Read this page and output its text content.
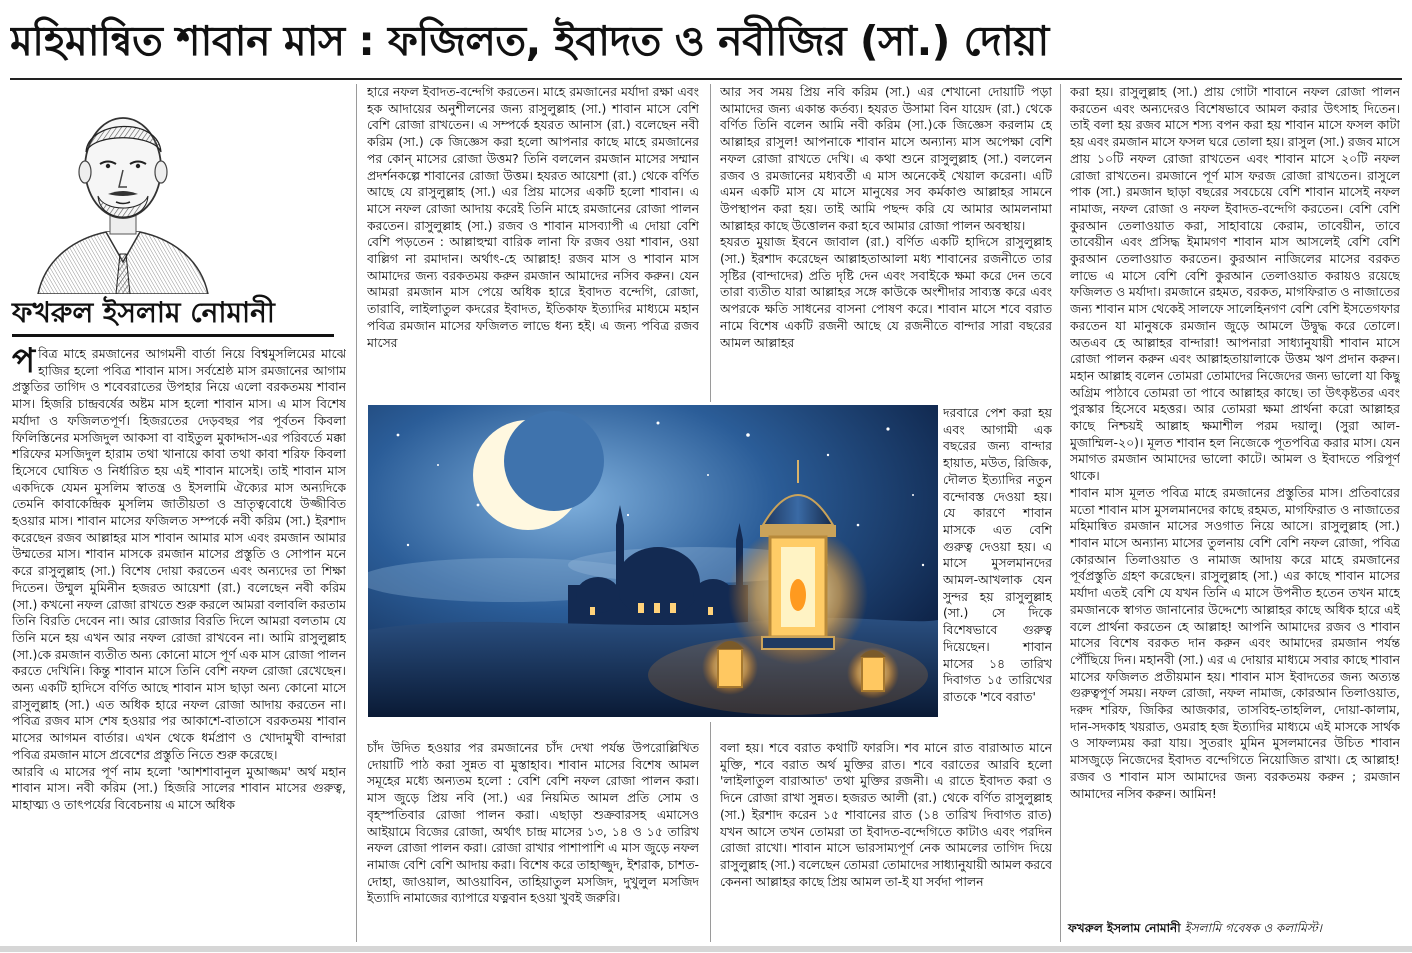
মহিমান্বিত শাবান মাস : ফজিলত, ইবাদত ও নবীজির (সা.) দোয়া
ফখরুল ইসলাম নোমানী

পবিত্র মাহে রমজানের আগমনী বার্তা নিয়ে বিশ্বমুসলিমের মাঝে হাজির হলো পবিত্র শাবান মাস। সর্বশ্রেষ্ঠ মাস রমজানের আগাম প্রস্তুতির তাগিদ ও শবেবরাতের উপহার নিয়ে এলো বরকতময় শাবান মাস। হিজরি চান্দ্রবর্ষের অষ্টম মাস হলো শাবান মাস। এ মাস বিশেষ মর্যাদা ও ফজিলতপূর্ণ। হিজরতের দেড়বছর পর পূর্বতন কিবলা ফিলিস্তিনের মসজিদুল আকসা বা বাইতুল মুকাদ্দাস-এর পরিবর্তে মক্কা শরিফের মসজিদুল হারাম তথা খানায়ে কাবা তথা কাবা শরিফ কিবলা হিসেবে ঘোষিত ও নির্ধারিত হয় এই শাবান মাসেই। তাই শাবান মাস একদিকে যেমন মুসলিম স্বাতন্ত্র ও ইসলামি ঐক্যের মাস অন্যদিকে তেমনি কাবাকেন্দ্রিক মুসলিম জাতীয়তা ও ভ্রাতৃত্ববোধে উজ্জীবিত হওয়ার মাস। শাবান মাসের ফজিলত সম্পর্কে নবী করিম (সা.) ইরশাদ করেছেন রজব আল্লাহর মাস শাবান আমার মাস এবং রমজান আমার উম্মতের মাস। শাবান মাসকে রমজান মাসের প্রস্তুতি ও সোপান মনে করে রাসুলুল্লাহ (সা.) বিশেষ দোয়া করতেন এবং অন্যদের তা শিক্ষা দিতেন। উম্মুল মুমিনীন হজরত আয়েশা (রা.) বলেছেন নবী করিম (সা.) কখনো নফল রোজা রাখতে শুরু করলে আমরা বলাবলি করতাম তিনি বিরতি দেবেন না। আর রোজার বিরতি দিলে আমরা বলতাম যে তিনি মনে হয় এখন আর নফল রোজা রাখবেন না। আমি রাসুলুল্লাহ (সা.)কে রমজান ব্যতীত অন্য কোনো মাসে পূর্ণ এক মাস রোজা পালন করতে দেখিনি। কিন্তু শাবান মাসে তিনি বেশি নফল রোজা রেখেছেন। অন্য একটি হাদিসে বর্ণিত আছে শাবান মাস ছাড়া অন্য কোনো মাসে রাসুলুল্লাহ (সা.) এত অধিক হারে নফল রোজা আদায় করতেন না। পবিত্র রজব মাস শেষ হওয়ার পর আকাশে-বাতাসে বরকতময় শাবান মাসের আগমন বার্তার। এখন থেকে ধর্মপ্রাণ ও খোদামুখী বান্দারা পবিত্র রমজান মাসে প্রবেশের প্রস্তুতি নিতে শুরু করেছে।

আরবি এ মাসের পূর্ণ নাম হলো 'আশশাবানুল মুআজ্জম' অর্থ মহান শাবান মাস। নবী করিম (সা.) হিজরি সালের শাবান মাসের গুরুত্ব, মাহাত্ম্য ও তাৎপর্যের বিবেচনায় এ মাসে অধিক

হারে নফল ইবাদত-বন্দেগি করতেন। মাহে রমজানের মর্যাদা রক্ষা এবং হক আদায়ের অনুশীলনের জন্য রাসুলুল্লাহ (সা.) শাবান মাসে বেশি বেশি রোজা রাখতেন। এ সম্পর্কে হযরত আনাস (রা.) বলেছেন নবী করিম (সা.) কে জিজ্ঞেস করা হলো আপনার কাছে মাহে রমজানের পর কোন্ মাসের রোজা উত্তম? তিনি বললেন রমজান মাসের সম্মান প্রদর্শনকল্পে শাবানের রোজা উত্তম। হযরত আয়েশা (রা.) থেকে বর্ণিত আছে যে রাসুলুল্লাহ (সা.) এর প্রিয় মাসের একটি হলো শাবান। এ মাসে নফল রোজা আদায় করেই তিনি মাহে রমজানের রোজা পালন করতেন। রাসুলুল্লাহ (সা.) রজব ও শাবান মাসব্যাপী এ দোয়া বেশি বেশি পড়তেন : আল্লাহুম্মা বারিক লানা ফি রজব ওয়া শাবান, ওয়া বাল্লিগ না রমাদান। অর্থাৎ-হে আল্লাহ! রজব মাস ও শাবান মাস আমাদের জন্য বরকতময় করুন রমজান আমাদের নসিব করুন। যেন আমরা রমজান মাস পেয়ে অধিক হারে ইবাদত বন্দেগি, রোজা, তারাবি, লাইলাতুল কদরের ইবাদত, ইতিকাফ ইত্যাদির মাধ্যমে মহান পবিত্র রমজান মাসের ফজিলত লাভে ধন্য হই। এ জন্য পবিত্র রজব মাসের

আর সব সময় প্রিয় নবি করিম (সা.) এর শেখানো দোয়াটি পড়া আমাদের জন্য একান্ত কর্তব্য। হযরত উসামা বিন যায়েদ (রা.) থেকে বর্ণিত তিনি বলেন আমি নবী করিম (সা.)কে জিজ্ঞেস করলাম হে আল্লাহর রাসুল! আপনাকে শাবান মাসে অন্যান্য মাস অপেক্ষা বেশি নফল রোজা রাখতে দেখি। এ কথা শুনে রাসুলুল্লাহ (সা.) বললেন রজব ও রমজানের মধ্যবর্তী এ মাস অনেকেই খেয়াল করেনা। এটি এমন একটি মাস যে মাসে মানুষের সব কর্মকাণ্ড আল্লাহর সামনে উপস্থাপন করা হয়। তাই আমি পছন্দ করি যে আমার আমলনামা আল্লাহর কাছে উত্তোলন করা হবে আমার রোজা পালন অবস্থায়।

হযরত মুয়াজ ইবনে জাবাল (রা.) বর্ণিত একটি হাদিসে রাসুলুল্লাহ (সা.) ইরশাদ করেছেন আল্লাহতাআলা মধ্য শাবানের রজনীতে তার সৃষ্টির (বান্দাদের) প্রতি দৃষ্টি দেন এবং সবাইকে ক্ষমা করে দেন তবে তারা ব্যতীত যারা আল্লাহর সঙ্গে কাউকে অংশীদার সাব্যস্ত করে এবং অপরকে ক্ষতি সাধনের বাসনা পোষণ করে। শাবান মাসে শবে বরাত নামে বিশেষ একটি রজনী আছে যে রজনীতে বান্দার সারা বছরের আমল আল্লাহর

দরবারে পেশ করা হয় এবং আগামী এক বছরের জন্য বান্দার হায়াত, মউত, রিজিক, দৌলত ইত্যাদির নতুন বন্দোবস্ত দেওয়া হয়। যে কারণে শাবান মাসকে এত বেশি গুরুত্ব দেওয়া হয়। এ মাসে মুসলমানদের আমল-আখলাক যেন সুন্দর হয় রাসুলুল্লাহ (সা.) সে দিকে বিশেষভাবে গুরুত্ব দিয়েছেন। শাবান মাসের ১৪ তারিখ দিবাগত ১৫ তারিখের রাতকে 'শবে বরাত'

চাঁদ উদিত হওয়ার পর রমজানের চাঁদ দেখা পর্যন্ত উপরোল্লিখিত দোয়াটি পাঠ করা সুন্নত বা মুস্তাহাব। শাবান মাসের বিশেষ আমল সমূহের মধ্যে অন্যতম হলো : বেশি বেশি নফল রোজা পালন করা। মাস জুড়ে প্রিয় নবি (সা.) এর নিয়মিত আমল প্রতি সোম ও বৃহস্পতিবার রোজা পালন করা। এছাড়া শুক্রবারসহ এমাসেও আইয়ামে বিজের রোজা, অর্থাৎ চান্দ্র মাসের ১৩, ১৪ ও ১৫ তারিখ নফল রোজা পালন করা। রোজা রাখার পাশাপাশি এ মাস জুড়ে নফল নামাজ বেশি বেশি আদায় করা। বিশেষ করে তাহাজ্জুদ, ইশরাক, চাশত-দোহা, জাওয়াল, আওয়াবিন, তাহিয়াতুল মসজিদ, দুখুলুল মসজিদ ইত্যাদি নামাজের ব্যাপারে যত্নবান হওয়া খুবই জরুরি।

বলা হয়। শবে বরাত কথাটি ফারসি। শব মানে রাত বারাআত মানে মুক্তি, শবে বরাত অর্থ মুক্তির রাত। শবে বরাতের আরবি হলো 'লাইলাতুল বারাআত' তথা মুক্তির রজনী। এ রাতে ইবাদত করা ও দিনে রোজা রাখা সুন্নত। হজরত আলী (রা.) থেকে বর্ণিত রাসুলুল্লাহ (সা.) ইরশাদ করেন ১৫ শাবানের রাত (১৪ তারিখ দিবাগত রাত) যখন আসে তখন তোমরা তা ইবাদত-বন্দেগিতে কাটাও এবং পরদিন রোজা রাখো। শাবান মাসে ভারসাম্যপূর্ণ নেক আমলের তাগিদ দিয়ে রাসুলুল্লাহ (সা.) বলেছেন তোমরা তোমাদের সাধ্যানুযায়ী আমল করবে কেননা আল্লাহর কাছে প্রিয় আমল তা-ই যা সর্বদা পালন

করা হয়। রাসুলুল্লাহ (সা.) প্রায় গোটা শাবানে নফল রোজা পালন করতেন এবং অন্যদেরও বিশেষভাবে আমল করার উৎসাহ দিতেন। তাই বলা হয় রজব মাসে শস্য বপন করা হয় শাবান মাসে ফসল কাটা হয় এবং রমজান মাসে ফসল ঘরে তোলা হয়। রাসুল (সা.) রজব মাসে প্রায় ১০টি নফল রোজা রাখতেন এবং শাবান মাসে ২০টি নফল রোজা রাখতেন। রমজানে পূর্ণ মাস ফরজ রোজা রাখতেন। রাসুলে পাক (সা.) রমজান ছাড়া বছরের সবচেয়ে বেশি শাবান মাসেই নফল নামাজ, নফল রোজা ও নফল ইবাদত-বন্দেগি করতেন। বেশি বেশি কুরআন তেলাওয়াত করা, সাহাবায়ে কেরাম, তাবেয়ীন, তাবে তাবেয়ীন এবং প্রসিদ্ধ ইমামগণ শাবান মাস আসলেই বেশি বেশি কুরআন তেলাওয়াত করতেন। কুরআন নাজিলের মাসের বরকত লাভে এ মাসে বেশি বেশি কুরআন তেলাওয়াত করায়ও রয়েছে ফজিলত ও মর্যাদা। রমজানে রহমত, বরকত, মাগফিরাত ও নাজাতের জন্য শাবান মাস থেকেই সালফে সালেহিনগণ বেশি বেশি ইসতেগফার করতেন যা মানুষকে রমজান জুড়ে আমলে উদ্বুদ্ধ করে তোলে। অতএব হে আল্লাহর বান্দারা! আপনারা সাধ্যানুযায়ী শাবান মাসে রোজা পালন করুন এবং আল্লাহতায়ালাকে উত্তম ঋণ প্রদান করুন। মহান আল্লাহ বলেন তোমরা তোমাদের নিজেদের জন্য ভালো যা কিছু অগ্রিম পাঠাবে তোমরা তা পাবে আল্লাহর কাছে। তা উৎকৃষ্টতর এবং পুরস্কার হিসেবে মহত্তর। আর তোমরা ক্ষমা প্রার্থনা করো আল্লাহর কাছে নিশ্চয়ই আল্লাহ ক্ষমাশীল পরম দয়ালু। (সুরা আল-মুজাম্মিল-২০)। মূলত শাবান হল নিজেকে পূতপবিত্র করার মাস। যেন সমাগত রমজান আমাদের ভালো কাটে। আমল ও ইবাদতে পরিপূর্ণ থাকে।

শাবান মাস মূলত পবিত্র মাহে রমজানের প্রস্তুতির মাস। প্রতিবারের মতো শাবান মাস মুসলমানদের কাছে রহমত, মাগফিরাত ও নাজাতের মহিমান্বিত রমজান মাসের সওগাত নিয়ে আসে। রাসুলুল্লাহ (সা.) শাবান মাসে অন্যান্য মাসের তুলনায় বেশি বেশি নফল রোজা, পবিত্র কোরআন তিলাওয়াত ও নামাজ আদায় করে মাহে রমজানের পূর্বপ্রস্তুতি গ্রহণ করেছেন। রাসুলুল্লাহ (সা.) এর কাছে শাবান মাসের মর্যাদা এতই বেশি যে যখন তিনি এ মাসে উপনীত হতেন তখন মাহে রমজানকে স্বাগত জানানোর উদ্দেশ্যে আল্লাহর কাছে অধিক হারে এই বলে প্রার্থনা করতেন হে আল্লাহ! আপনি আমাদের রজব ও শাবান মাসের বিশেষ বরকত দান করুন এবং আমাদের রমজান পর্যন্ত পৌঁছিয়ে দিন। মহানবী (সা.) এর এ দোয়ার মাধ্যমে সবার কাছে শাবান মাসের ফজিলত প্রতীয়মান হয়। শাবান মাস ইবাদতের জন্য অত্যন্ত গুরুত্বপূর্ণ সময়। নফল রোজা, নফল নামাজ, কোরআন তিলাওয়াত, দরুদ শরিফ, জিকির আজকার, তাসবিহ-তাহলিল, দোয়া-কালাম, দান-সদকাহ খয়রাত, ওমরাহ হজ ইত্যাদির মাধ্যমে এই মাসকে সার্থক ও সাফল্যময় করা যায়। সুতরাং মুমিন মুসলমানের উচিত শাবান মাসজুড়ে নিজেদের ইবাদত বন্দেগিতে নিয়োজিত রাখা। হে আল্লাহ! রজব ও শাবান মাস আমাদের জন্য বরকতময় করুন ; রমজান আমাদের নসিব করুন। আমিন!

ফখরুল ইসলাম নোমানী ইসলামি গবেষক ও কলামিস্ট।
